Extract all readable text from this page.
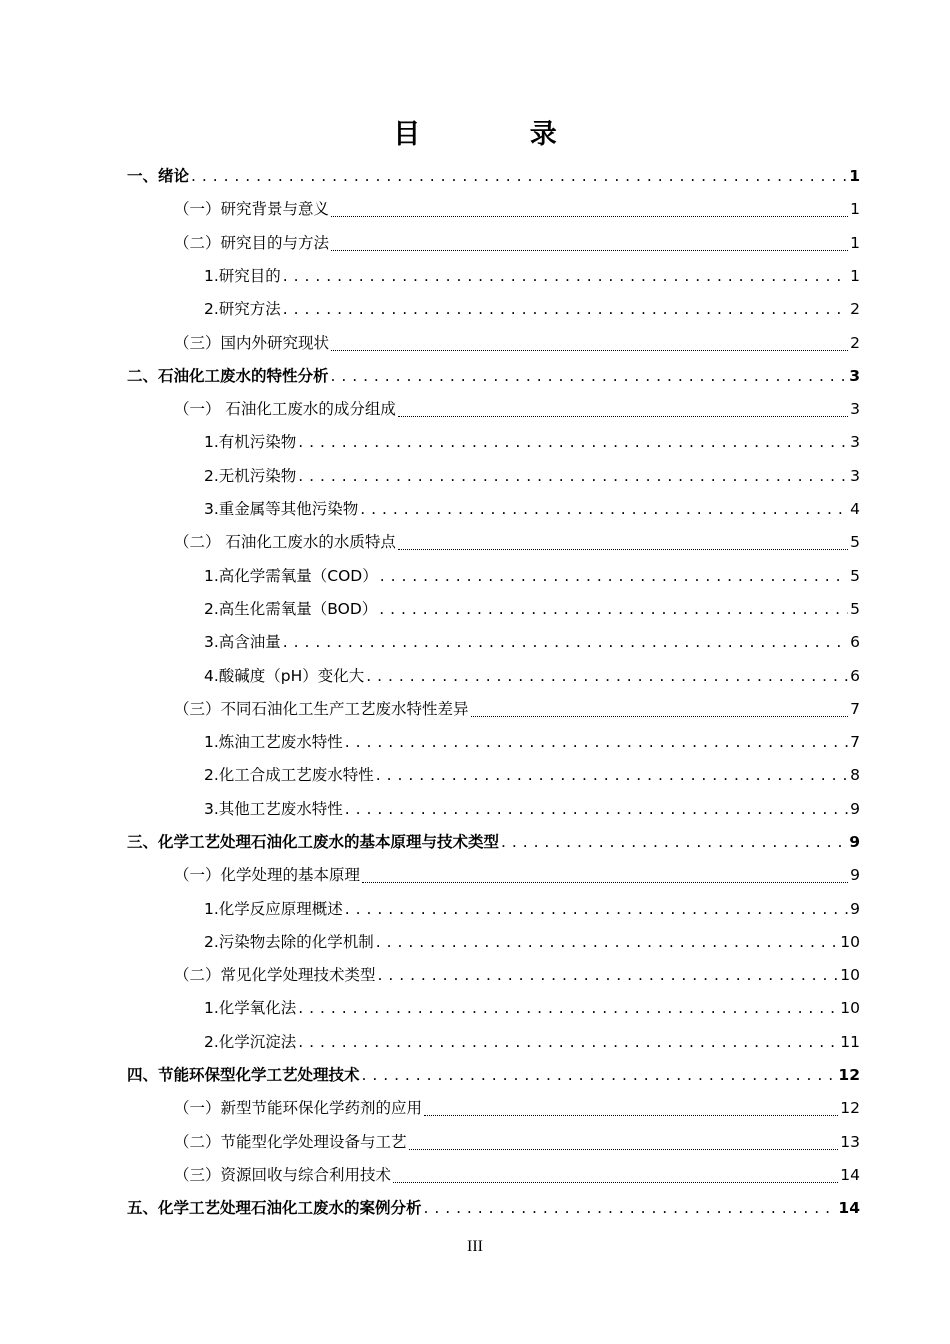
目 录
一、绪论 . . .	1
（一）研究背景与意义	1
（二）研究目的与方法	1
1.研究目的 . . .	1
2.研究方法 . . .	2
（三）国内外研究现状	2
二、石油化工废水的特性分析 . . .	3
（一） 石油化工废水的成分组成	3
1.有机污染物 . . .	3
2.无机污染物 . . .	3
3.重金属等其他污染物 . . .	4
（二） 石油化工废水的水质特点	5
1.高化学需氧量（COD） . . .	5
2.高生化需氧量（BOD） . . .	5
3.高含油量 . . .	6
4.酸碱度（pH）变化大 . . .	6
（三）不同石油化工生产工艺废水特性差异	7
1.炼油工艺废水特性 . . .	7
2.化工合成工艺废水特性 . . .	8
3.其他工艺废水特性 . . .	9
三、化学工艺处理石油化工废水的基本原理与技术类型 . . .	9
（一）化学处理的基本原理	9
1.化学反应原理概述 . . .	9
2.污染物去除的化学机制 . . .	10
（二）常见化学处理技术类型 . . .	10
1.化学氧化法 . . .	10
2.化学沉淀法 . . .	11
四、节能环保型化学工艺处理技术 . . .	12
（一）新型节能环保化学药剂的应用	12
（二）节能型化学处理设备与工艺	13
（三）资源回收与综合利用技术	14
五、化学工艺处理石油化工废水的案例分析 . . .	14
III
